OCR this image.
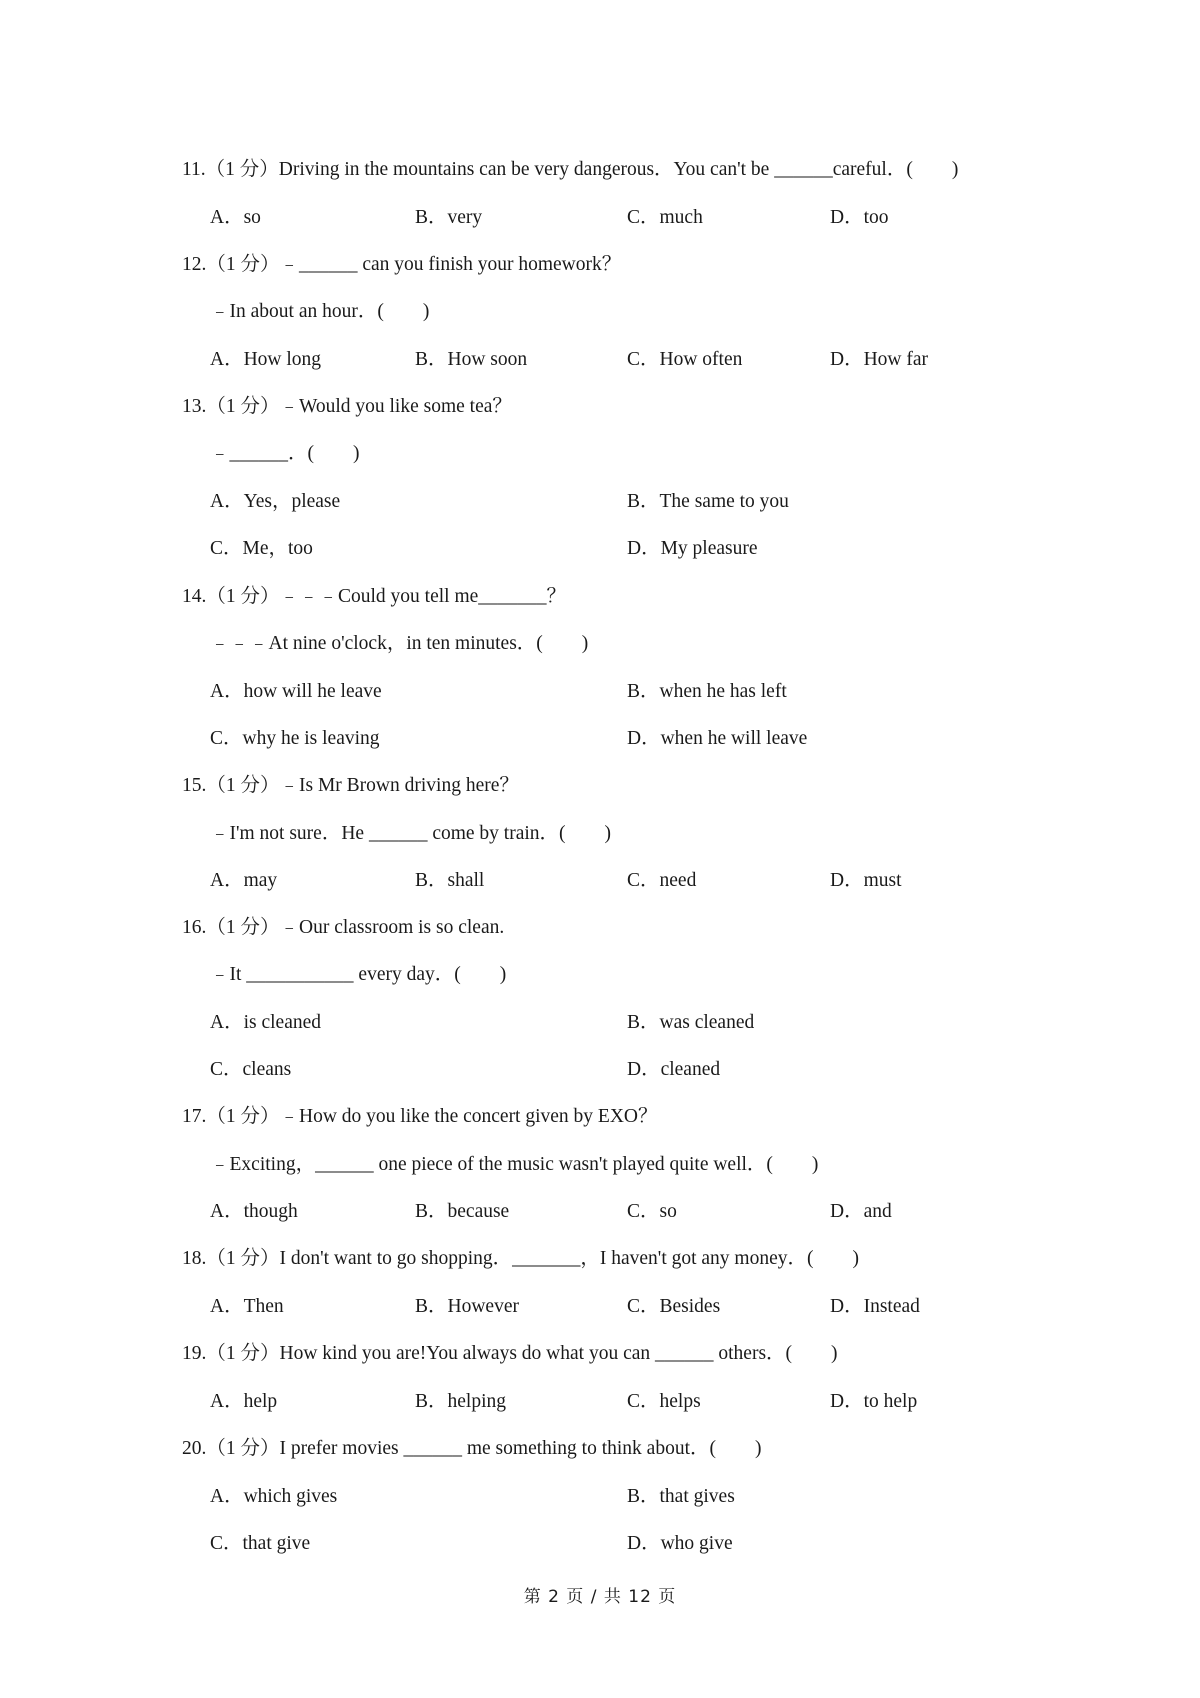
11.（1 分）Driving in the mountains can be very dangerous．You can't be ______careful．(　　)
A．so	B．very	C．much	D．too
12.（1 分）﹣______ can you finish your homework？
﹣In about an hour．(　　)
A．How long	B．How soon	C．How often	D．How far
13.（1 分）﹣Would you like some tea？
﹣______．(　　)
A．Yes，please	B．The same to you
C．Me，too	D．My pleasure
14.（1 分）﹣﹣﹣Could you tell me_______？
﹣﹣﹣At nine o'clock，in ten minutes．(　　)
A．how will he leave	B．when he has left
C．why he is leaving	D．when he will leave
15.（1 分）﹣Is Mr Brown driving here？
﹣I'm not sure．He ______ come by train．(　　)
A．may	B．shall	C．need	D．must
16.（1 分）﹣Our classroom is so clean.
﹣It ___________ every day．(　　)
A．is cleaned	B．was cleaned
C．cleans	D．cleaned
17.（1 分）﹣How do you like the concert given by EXO？
﹣Exciting，______ one piece of the music wasn't played quite well．(　　)
A．though	B．because	C．so	D．and
18.（1 分）I don't want to go shopping．_______，I haven't got any money．(　　)
A．Then	B．However	C．Besides	D．Instead
19.（1 分）How kind you are!You always do what you can ______ others．(　　)
A．help	B．helping	C．helps	D．to help
20.（1 分）I prefer movies ______ me something to think about．(　　)
A．which gives	B．that gives
C．that give	D．who give
第 2 页 / 共 12 页
